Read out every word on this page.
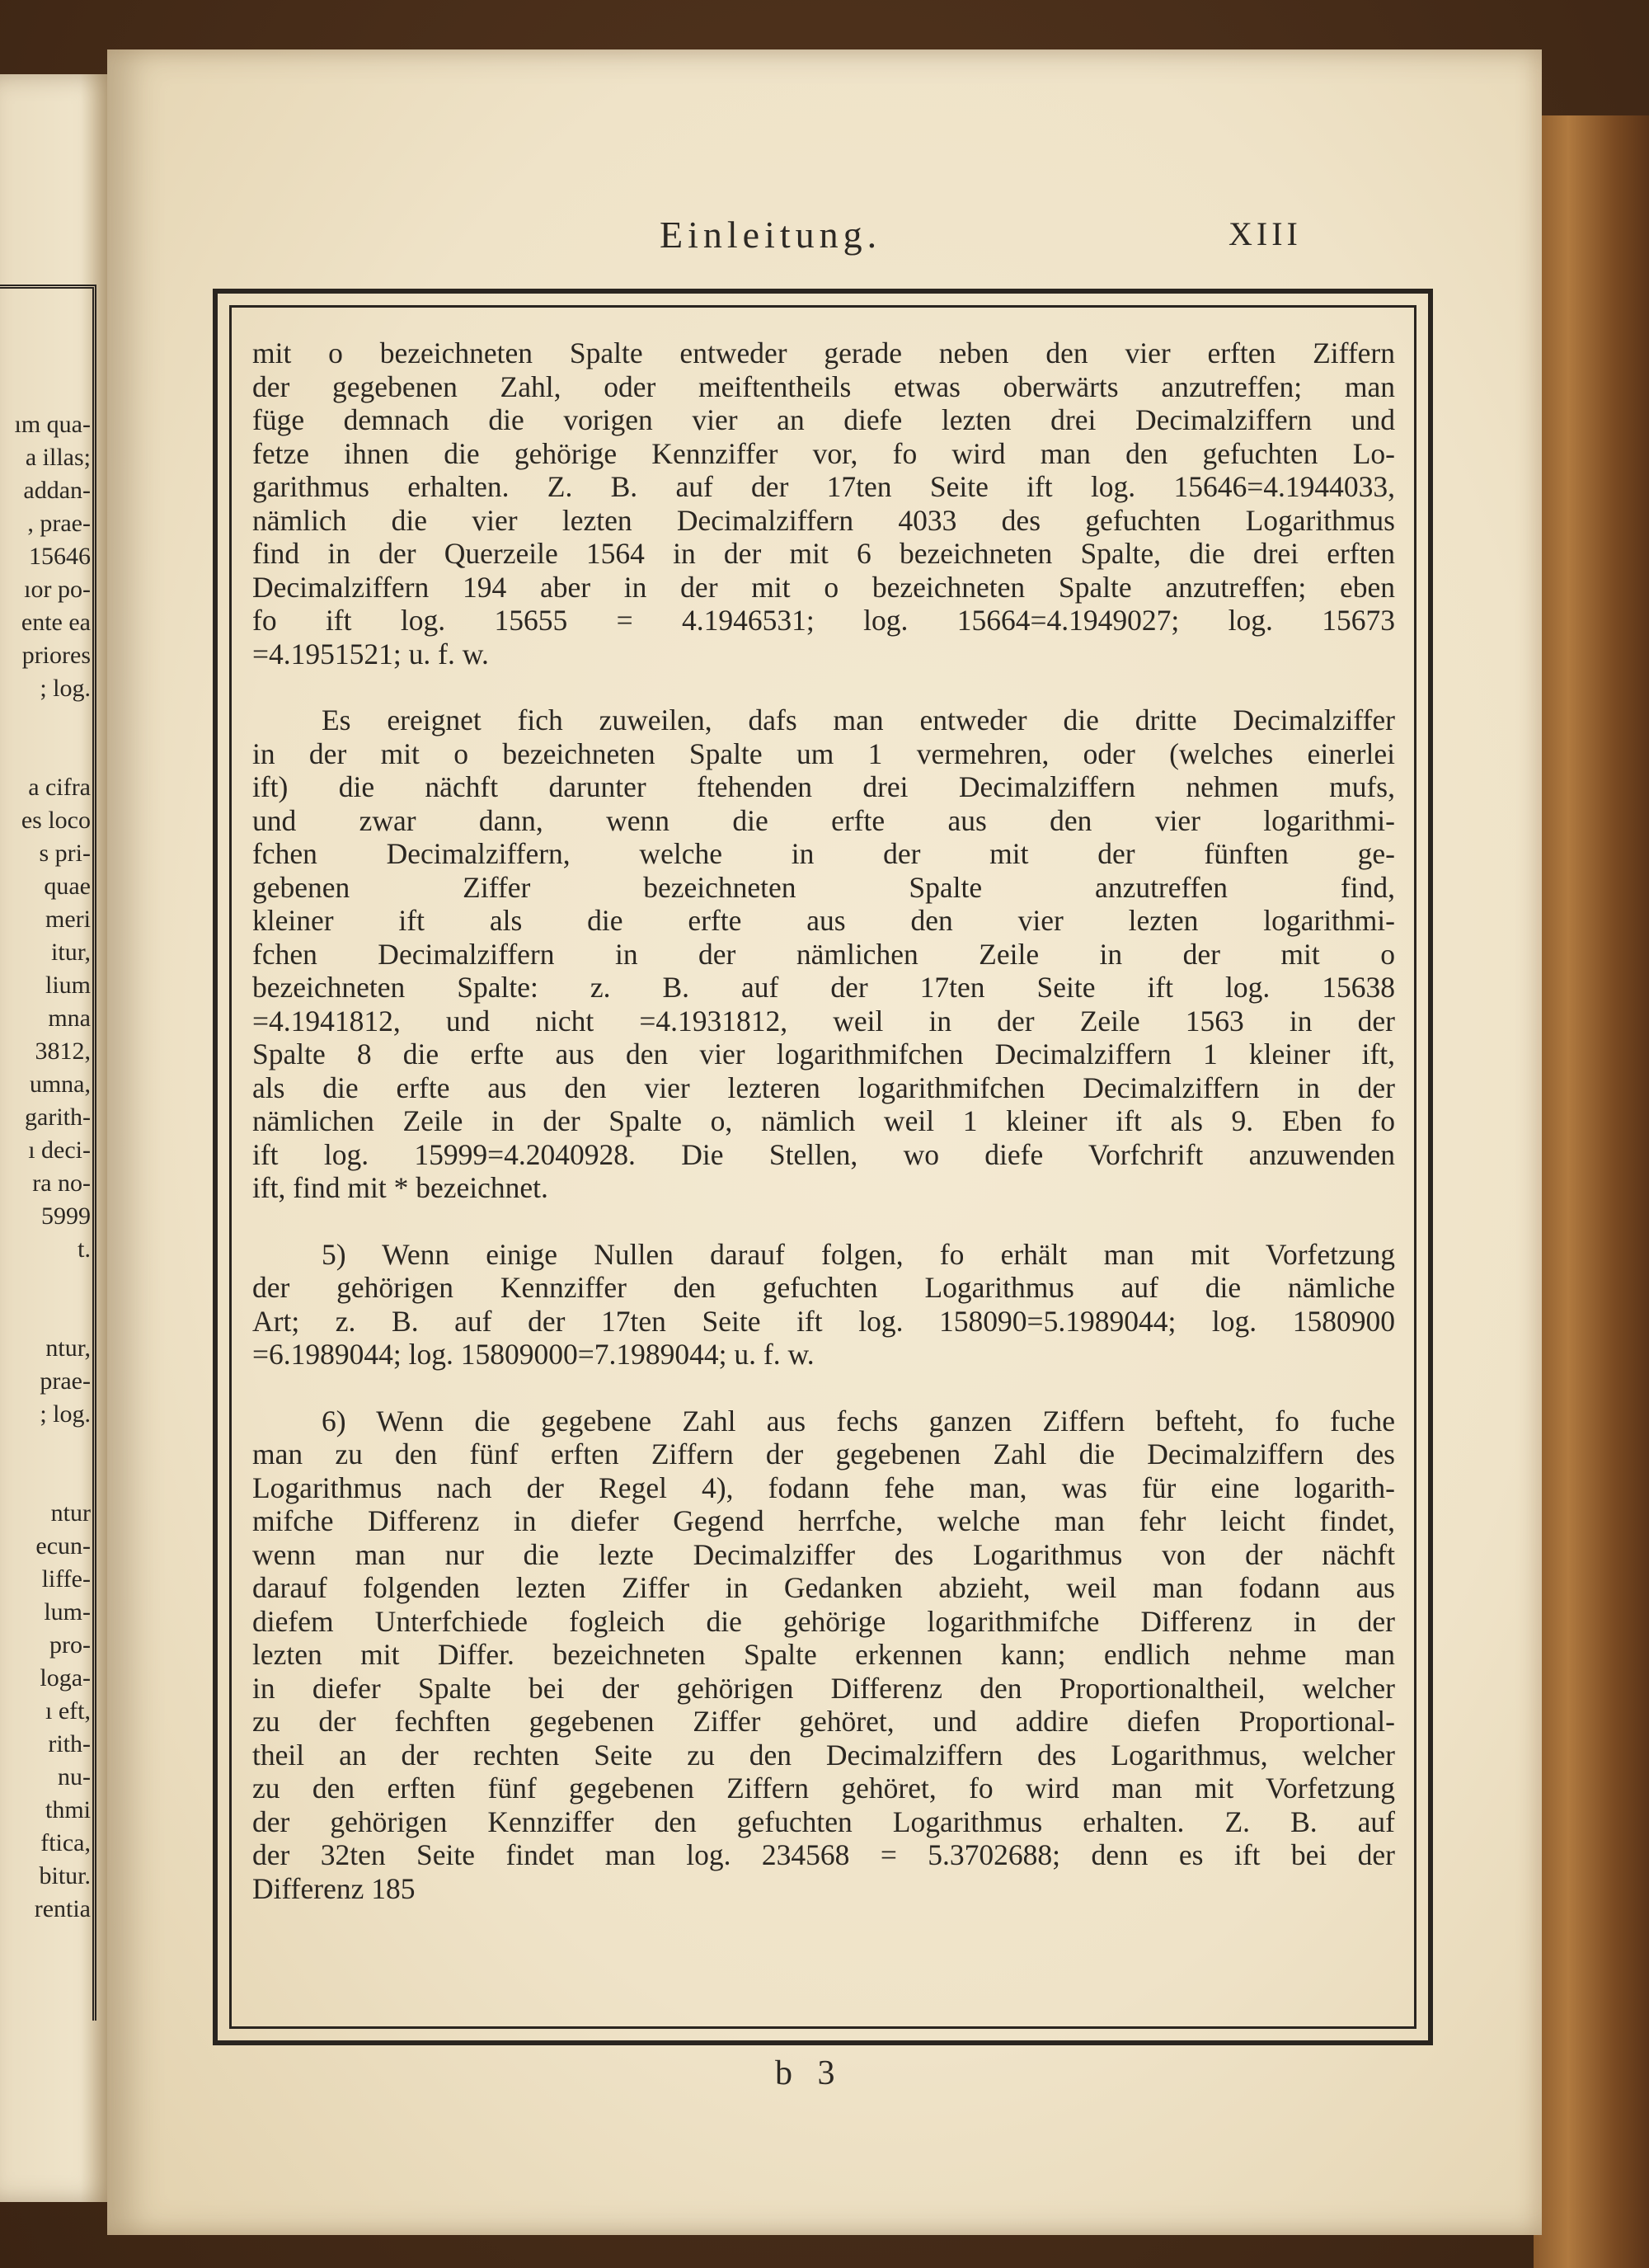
ım qua-
a illas;
addan-
, prae-
15646
ıor po-
ente ea
priores
; log.
a cifra
es loco
s pri-
quae
meri
itur,
lium
mna
3812,
umna,
garith-
ı deci-
ra no-
5999
t.
ntur,
prae-
; log.
ntur
ecun-
liffe-
lum-
pro-
loga-
ı eft,
rith-
nu-
thmi
ftica,
bitur.
rentia
Einleitung.	XIII
mit o bezeichneten Spalte entweder gerade neben den vier erften Ziffern
der gegebenen Zahl, oder meiftentheils etwas oberwärts anzutreffen; man
füge demnach die vorigen vier an diefe lezten drei Decimalziffern und
fetze ihnen die gehörige Kennziffer vor, fo wird man den gefuchten Lo-
garithmus erhalten. Z. B. auf der 17ten Seite ift log. 15646=4.1944033,
nämlich die vier lezten Decimalziffern 4033 des gefuchten Logarithmus
find in der Querzeile 1564 in der mit 6 bezeichneten Spalte, die drei erften
Decimalziffern 194 aber in der mit o bezeichneten Spalte anzutreffen; eben
fo ift log. 15655 = 4.1946531; log. 15664=4.1949027; log. 15673
=4.1951521; u. f. w.
Es ereignet fich zuweilen, dafs man entweder die dritte Decimalziffer
in der mit o bezeichneten Spalte um 1 vermehren, oder (welches einerlei
ift) die nächft darunter ftehenden drei Decimalziffern nehmen mufs,
und zwar dann, wenn die erfte aus den vier logarithmi-
fchen Decimalziffern, welche in der mit der fünften ge-
gebenen Ziffer bezeichneten Spalte anzutreffen find,
kleiner ift als die erfte aus den vier lezten logarithmi-
fchen Decimalziffern in der nämlichen Zeile in der mit o
bezeichneten Spalte: z. B. auf der 17ten Seite ift log. 15638
=4.1941812, und nicht =4.1931812, weil in der Zeile 1563 in der
Spalte 8 die erfte aus den vier logarithmifchen Decimalziffern 1 kleiner ift,
als die erfte aus den vier lezteren logarithmifchen Decimalziffern in der
nämlichen Zeile in der Spalte o, nämlich weil 1 kleiner ift als 9. Eben fo
ift log. 15999=4.2040928. Die Stellen, wo diefe Vorfchrift anzuwenden
ift, find mit * bezeichnet.
5) Wenn einige Nullen darauf folgen, fo erhält man mit Vorfetzung
der gehörigen Kennziffer den gefuchten Logarithmus auf die nämliche
Art; z. B. auf der 17ten Seite ift log. 158090=5.1989044; log. 1580900
=6.1989044; log. 15809000=7.1989044; u. f. w.
6) Wenn die gegebene Zahl aus fechs ganzen Ziffern befteht, fo fuche
man zu den fünf erften Ziffern der gegebenen Zahl die Decimalziffern des
Logarithmus nach der Regel 4), fodann fehe man, was für eine logarith-
mifche Differenz in diefer Gegend herrfche, welche man fehr leicht findet,
wenn man nur die lezte Decimalziffer des Logarithmus von der nächft
darauf folgenden lezten Ziffer in Gedanken abzieht, weil man fodann aus
diefem Unterfchiede fogleich die gehörige logarithmifche Differenz in der
lezten mit Differ. bezeichneten Spalte erkennen kann; endlich nehme man
in diefer Spalte bei der gehörigen Differenz den Proportionaltheil, welcher
zu der fechften gegebenen Ziffer gehöret, und addire diefen Proportional-
theil an der rechten Seite zu den Decimalziffern des Logarithmus, welcher
zu den erften fünf gegebenen Ziffern gehöret, fo wird man mit Vorfetzung
der gehörigen Kennziffer den gefuchten Logarithmus erhalten. Z. B. auf
der 32ten Seite findet man log. 234568 = 5.3702688; denn es ift bei der
Differenz 185
b 3
